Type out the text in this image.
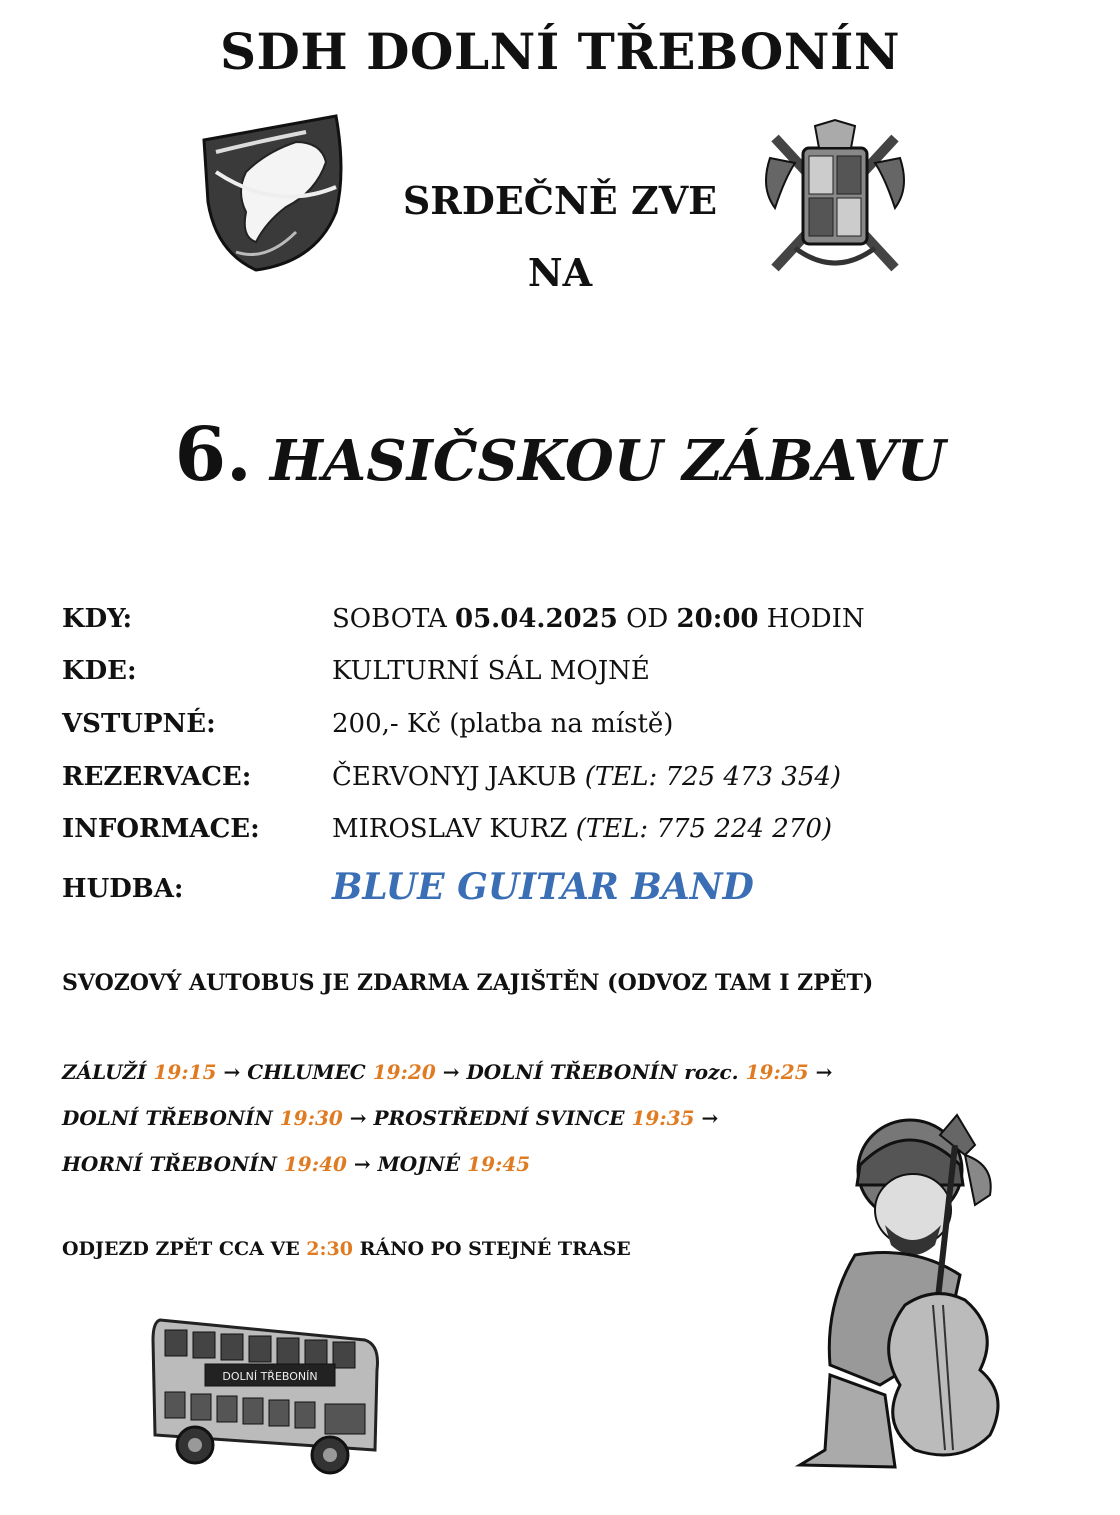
SDH DOLNÍ TŘEBONÍN
SRDEČNĚ ZVE
NA
6. HASIČSKOU ZÁBAVU
KDY:	SOBOTA 05.04.2025 OD 20:00 HODIN
KDE:	KULTURNÍ SÁL MOJNÉ
VSTUPNÉ:	200,- Kč (platba na místě)
REZERVACE:	ČERVONYJ JAKUB (TEL: 725 473 354)
INFORMACE:	MIROSLAV KURZ (TEL: 775 224 270)
HUDBA:	BLUE GUITAR BAND
SVOZOVÝ AUTOBUS JE ZDARMA ZAJIŠTĚN (ODVOZ TAM I ZPĚT)
ZÁLUŽÍ 19:15 → CHLUMEC 19:20 → DOLNÍ TŘEBONÍN rozc. 19:25 →
DOLNÍ TŘEBONÍN 19:30 → PROSTŘEDNÍ SVINCE 19:35 →
HORNÍ TŘEBONÍN 19:40 → MOJNÉ 19:45
ODJEZD ZPĚT CCA VE 2:30 RÁNO PO STEJNÉ TRASE
DOLNÍ TŘEBONÍN
